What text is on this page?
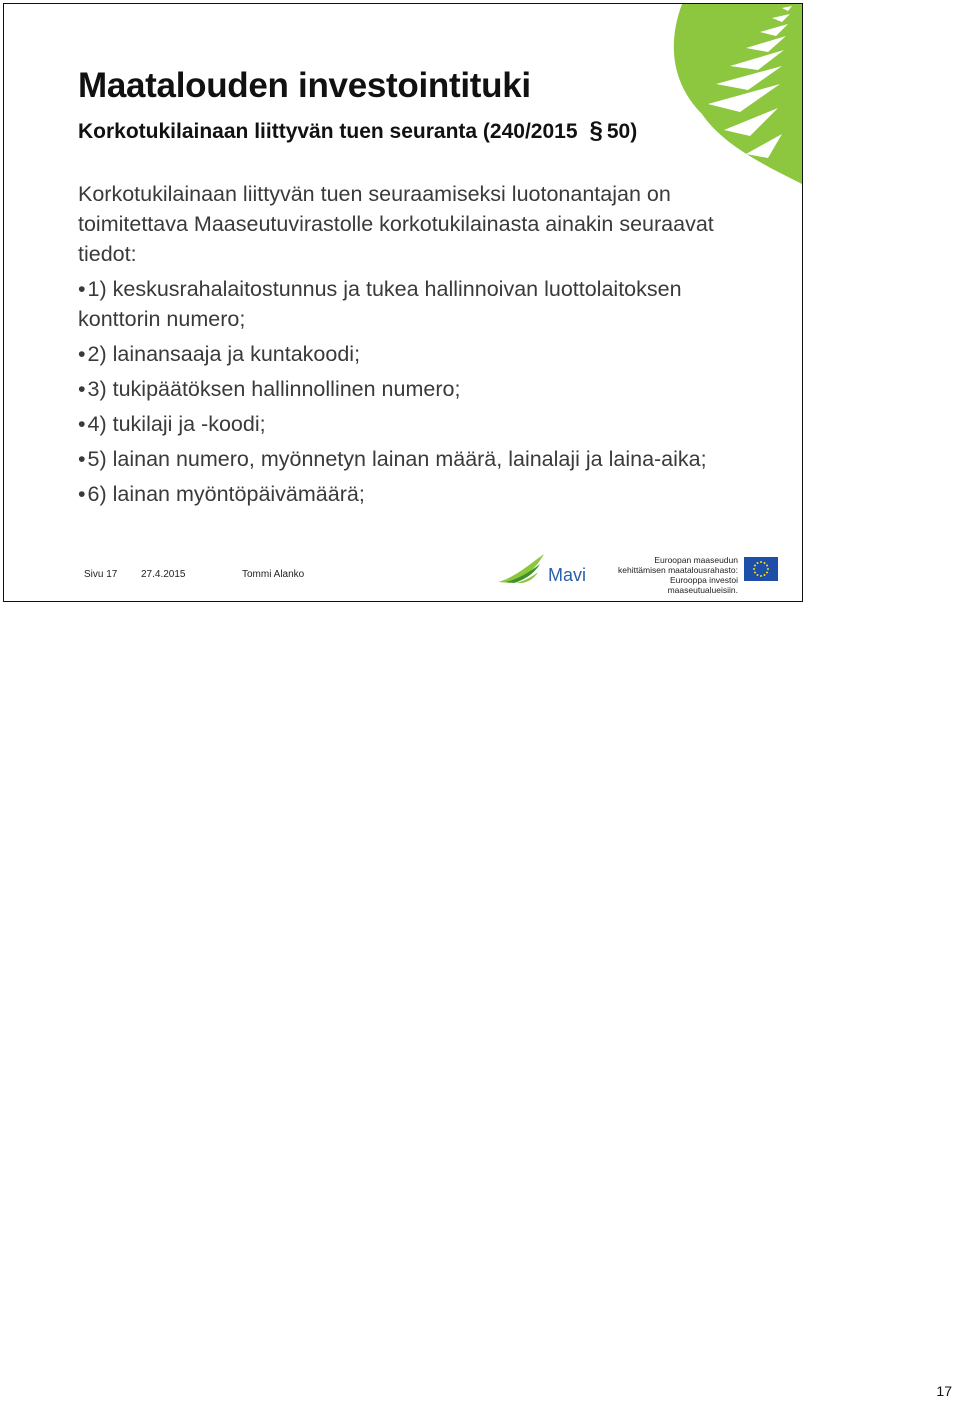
Maatalouden investointituki

Korkotukilainaan liittyvän tuen seuranta (240/2015 § 50)

Korkotukilainaan liittyvän tuen seuraamiseksi luotonantajan on toimitettava Maaseutuvirastolle korkotukilainasta ainakin seuraavat tiedot:

•1) keskusrahalaitostunnus ja tukea hallinnoivan luottolaitoksen konttorin numero;
•2) lainansaaja ja kuntakoodi;
•3) tukipäätöksen hallinnollinen numero;
•4) tukilaji ja -koodi;
•5) lainan numero, myönnetyn lainan määrä, lainalaji ja laina-aika;
•6) lainan myöntöpäivämäärä;
Sivu 17 27.4.2015	Tommi Alanko	Mavi
Euroopan maaseudun
kehittämisen maatalousrahasto:
Eurooppa investoi maaseutualueisiin.
17
